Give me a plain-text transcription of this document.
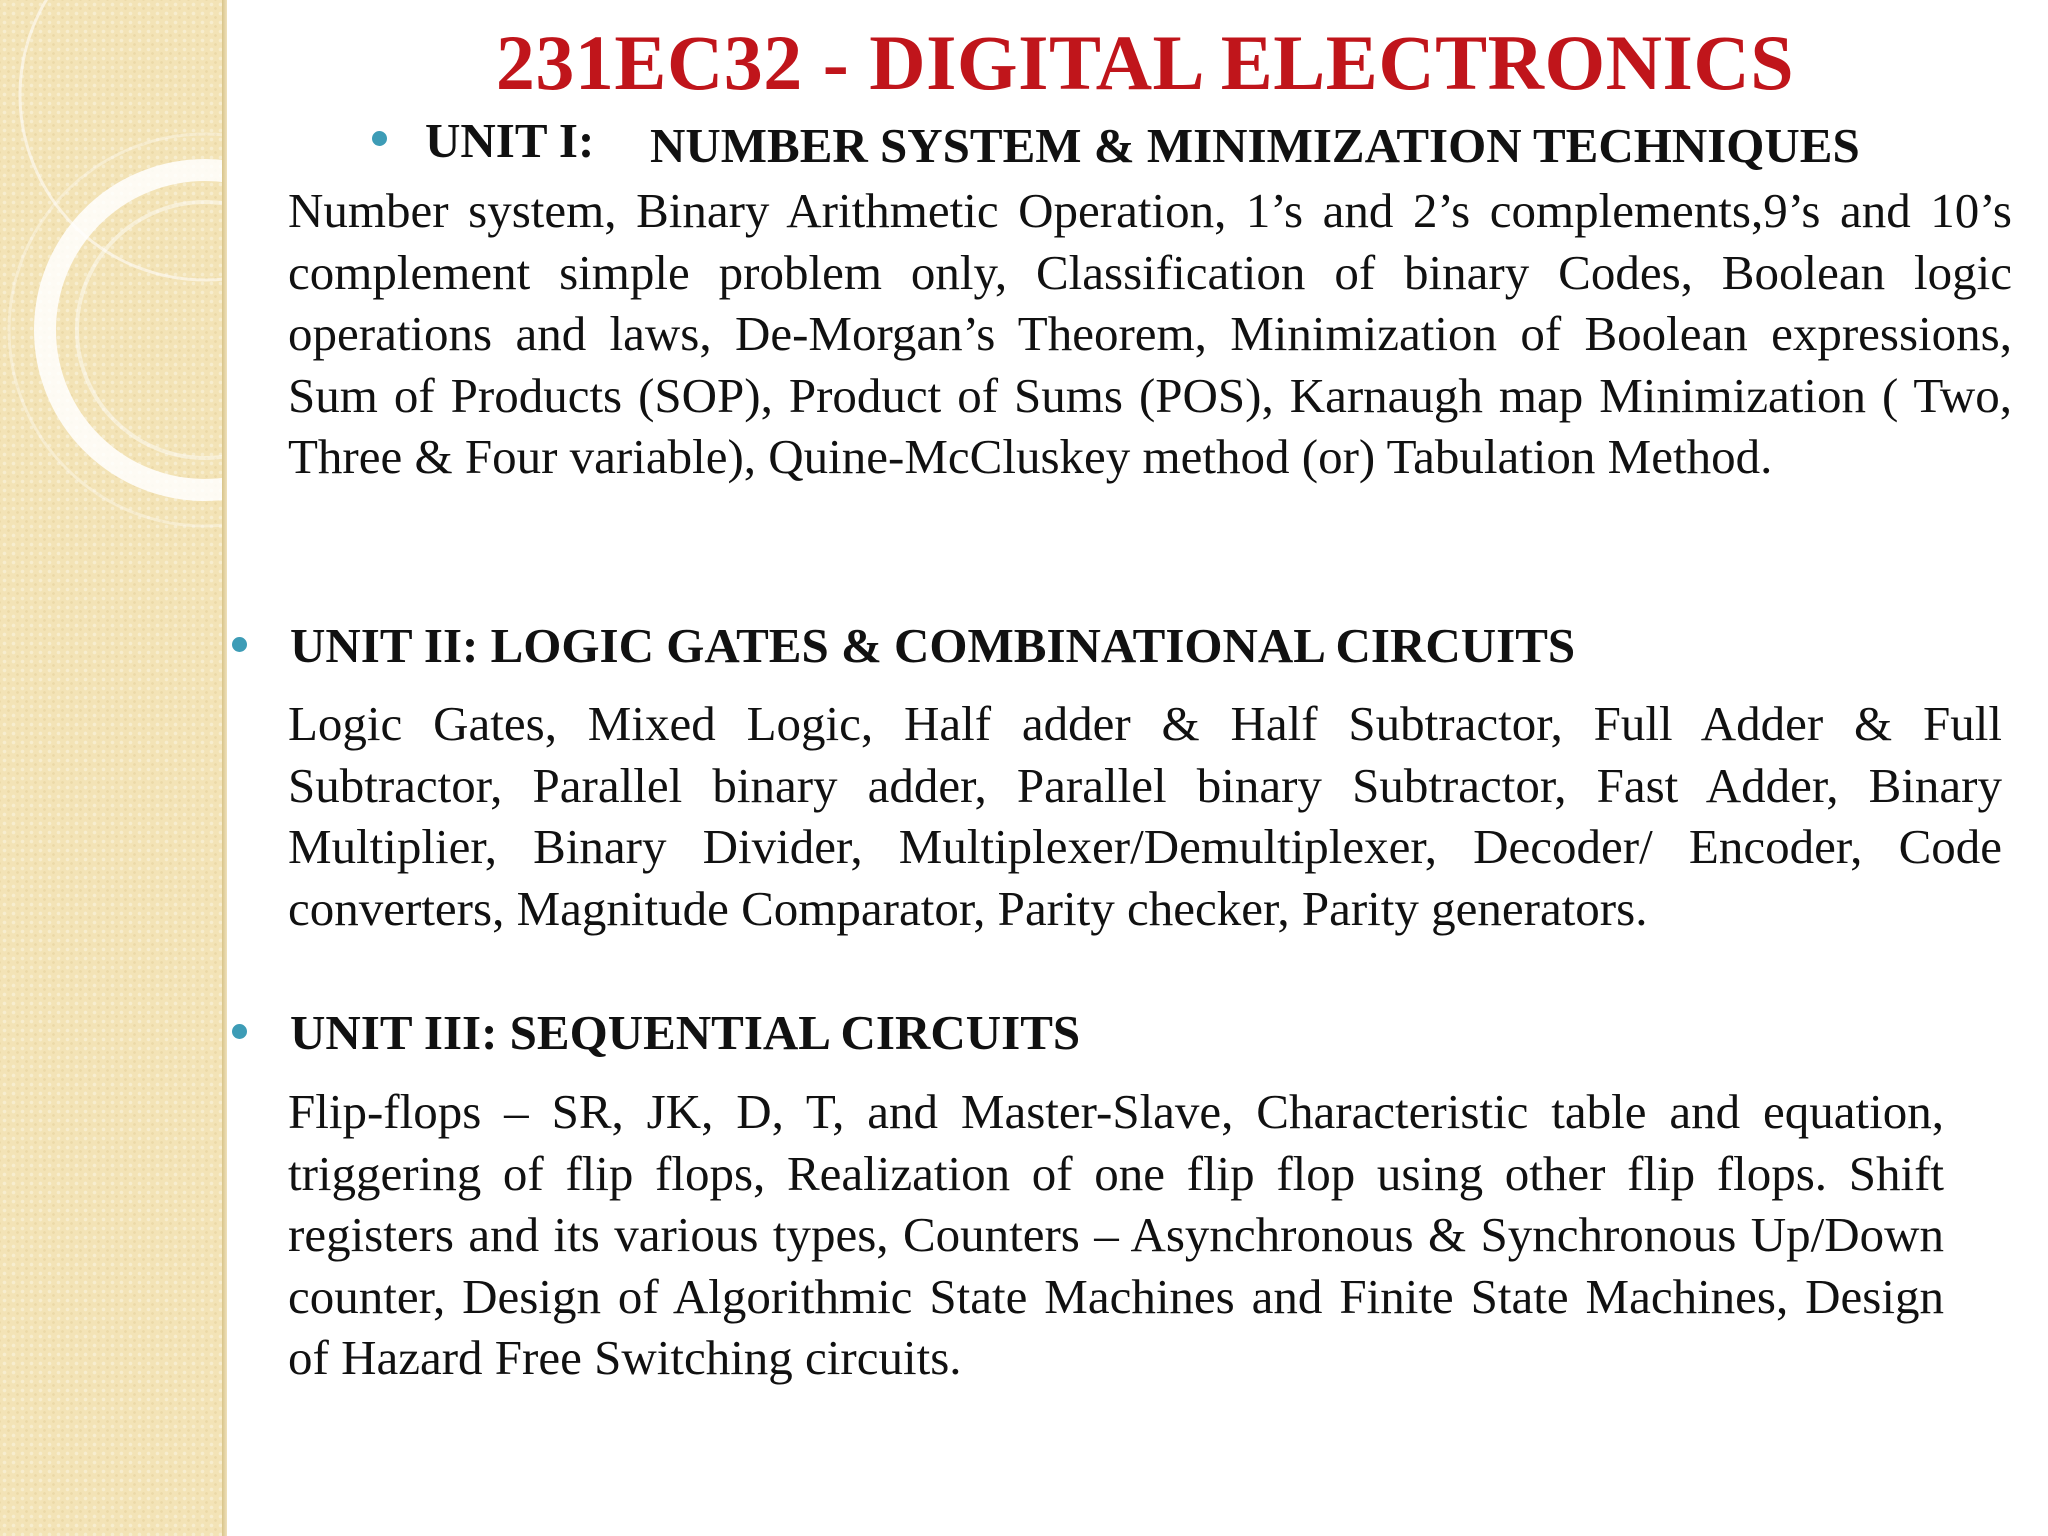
231EC32 - DIGITAL ELECTRONICS
UNIT I: NUMBER SYSTEM & MINIMIZATION TECHNIQUES
Number system, Binary Arithmetic Operation, 1’s and 2’s complements,9’s and 10’s complement simple problem only, Classification of binary Codes, Boolean logic operations and laws, De-Morgan’s Theorem, Minimization of Boolean expressions, Sum of Products (SOP), Product of Sums (POS), Karnaugh map Minimization ( Two, Three & Four variable), Quine-McCluskey method (or) Tabulation Method.
UNIT II: LOGIC GATES & COMBINATIONAL CIRCUITS
Logic Gates, Mixed Logic, Half adder & Half Subtractor, Full Adder & Full Subtractor, Parallel binary adder, Parallel binary Subtractor, Fast Adder, Binary Multiplier, Binary Divider, Multiplexer/Demultiplexer, Decoder/ Encoder, Code converters, Magnitude Comparator, Parity checker, Parity generators.
UNIT III: SEQUENTIAL CIRCUITS
Flip-flops – SR, JK, D, T, and Master-Slave, Characteristic table and equation, triggering of flip flops, Realization of one flip flop using other flip flops. Shift registers and its various types, Counters – Asynchronous & Synchronous Up/Down counter, Design of Algorithmic State Machines and Finite State Machines, Design of Hazard Free Switching circuits.
